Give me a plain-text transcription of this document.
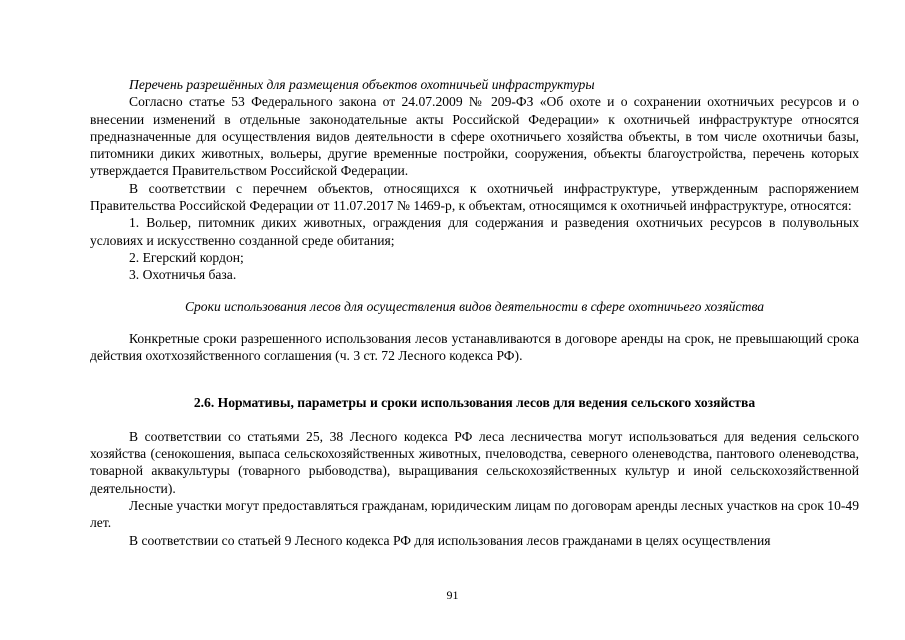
Перечень разрешённых для размещения объектов охотничьей инфраструктуры

Согласно статье 53 Федерального закона от 24.07.2009 № 209-ФЗ «Об охоте и о сохранении охотничьих ресурсов и о внесении изменений в отдельные законодательные акты Российской Федерации» к охотничьей инфраструктуре относятся предназначенные для осуществления видов деятельности в сфере охотничьего хозяйства объекты, в том числе охотничьи базы, питомники диких животных, вольеры, другие временные постройки, сооружения, объекты благоустройства, перечень которых утверждается Правительством Российской Федерации.

В соответствии с перечнем объектов, относящихся к охотничьей инфраструктуре, утвержденным распоряжением Правительства Российской Федерации от 11.07.2017 № 1469-р, к объектам, относящимся к охотничьей инфраструктуре, относятся:

1. Вольер, питомник диких животных, ограждения для содержания и разведения охотничьих ресурсов в полувольных условиях и искусственно созданной среде обитания;

2. Егерский кордон;

3. Охотничья база.

Сроки использования лесов для осуществления видов деятельности в сфере охотничьего хозяйства

Конкретные сроки разрешенного использования лесов устанавливаются в договоре аренды на срок, не превышающий срока действия охотхозяйственного соглашения (ч. 3 ст. 72 Лесного кодекса РФ).

2.6. Нормативы, параметры и сроки использования лесов для ведения сельского хозяйства

В соответствии со статьями 25, 38 Лесного кодекса РФ леса лесничества могут использоваться для ведения сельского хозяйства (сенокошения, выпаса сельскохозяйственных животных, пчеловодства, северного оленеводства, пантового оленеводства, товарной аквакультуры (товарного рыбоводства), выращивания сельскохозяйственных культур и иной сельскохозяйственной деятельности).

Лесные участки могут предоставляться гражданам, юридическим лицам по договорам аренды лесных участков на срок 10-49 лет.

В соответствии со статьей 9 Лесного кодекса РФ для использования лесов гражданами в целях осуществления

91
